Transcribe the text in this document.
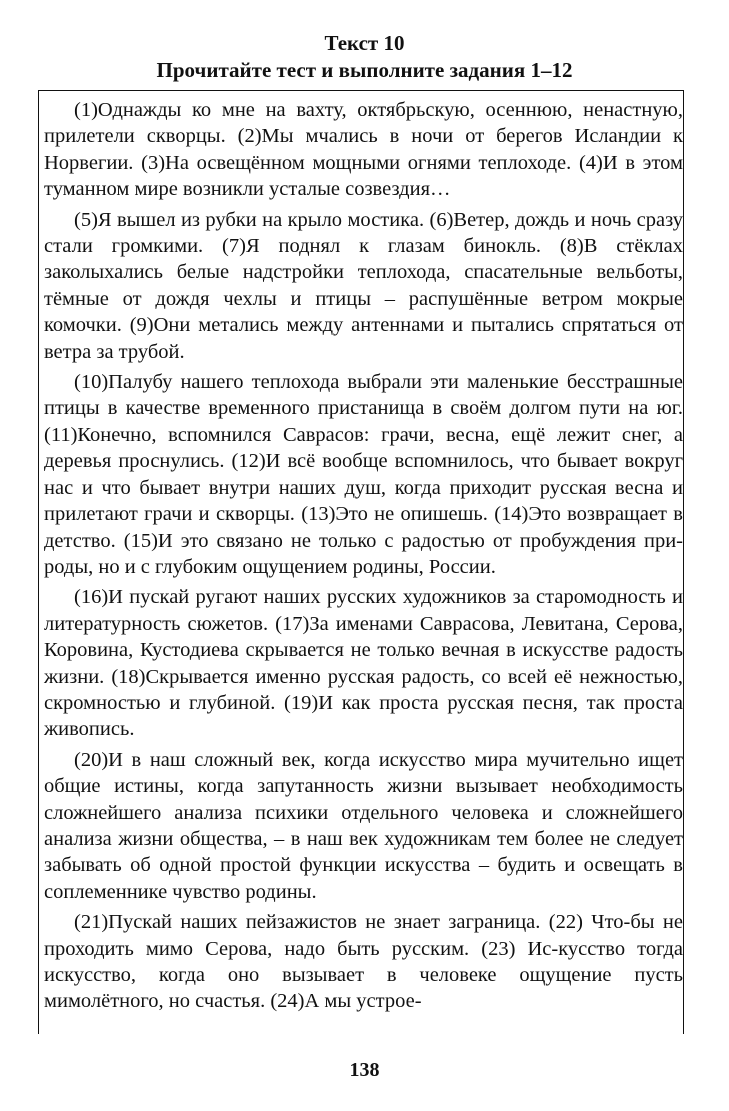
Текст 10
Прочитайте тест и выполните задания 1–12

(1)Однажды ко мне на вахту, октябрьскую, осеннюю, ненастную, прилетели скворцы. (2)Мы мчались в ночи от берегов Исландии к Норвегии. (3)На освещённом мощными огнями теплоходе. (4)И в этом туманном мире возникли усталые созвездия…

(5)Я вышел из рубки на крыло мостика. (6)Ветер, дождь и ночь сразу стали громкими. (7)Я поднял к глазам бинокль. (8)В стёклах заколыхались белые надстройки теплохода, спасательные вельботы, тёмные от дождя чехлы и птицы – распушённые ветром мокрые комочки. (9)Они метались между антеннами и пытались спрятаться от ветра за трубой.

(10)Палубу нашего теплохода выбрали эти маленькие бесстрашные птицы в качестве временного пристанища в своём долгом пути на юг. (11)Конечно, вспомнился Саврасов: грачи, весна, ещё лежит снег, а деревья проснулись. (12)И всё вообще вспомнилось, что бывает вокруг нас и что бывает внутри наших душ, когда приходит русская весна и прилетают грачи и скворцы. (13)Это не опишешь. (14)Это возвращает в детство. (15)И это связано не только с радостью от пробуждения природы, но и с глубоким ощущением родины, России.

(16)И пускай ругают наших русских художников за старомодность и литературность сюжетов. (17)За именами Саврасова, Левитана, Серова, Коровина, Кустодиева скрывается не только вечная в искусстве радость жизни. (18)Скрывается именно русская радость, со всей её нежностью, скромностью и глубиной. (19)И как проста русская песня, так проста живопись.

(20)И в наш сложный век, когда искусство мира мучительно ищет общие истины, когда запутанность жизни вызывает необходимость сложнейшего анализа психики отдельного человека и сложнейшего анализа жизни общества, – в наш век художникам тем более не следует забывать об одной простой функции искусства – будить и освещать в соплеменнике чувство родины.

(21)Пускай наших пейзажистов не знает заграница. (22) Что-бы не проходить мимо Серова, надо быть русским. (23) Ис-кусство тогда искусство, когда оно вызывает в человеке ощущение пусть мимолётного, но счастья. (24)А мы устрое-

138
